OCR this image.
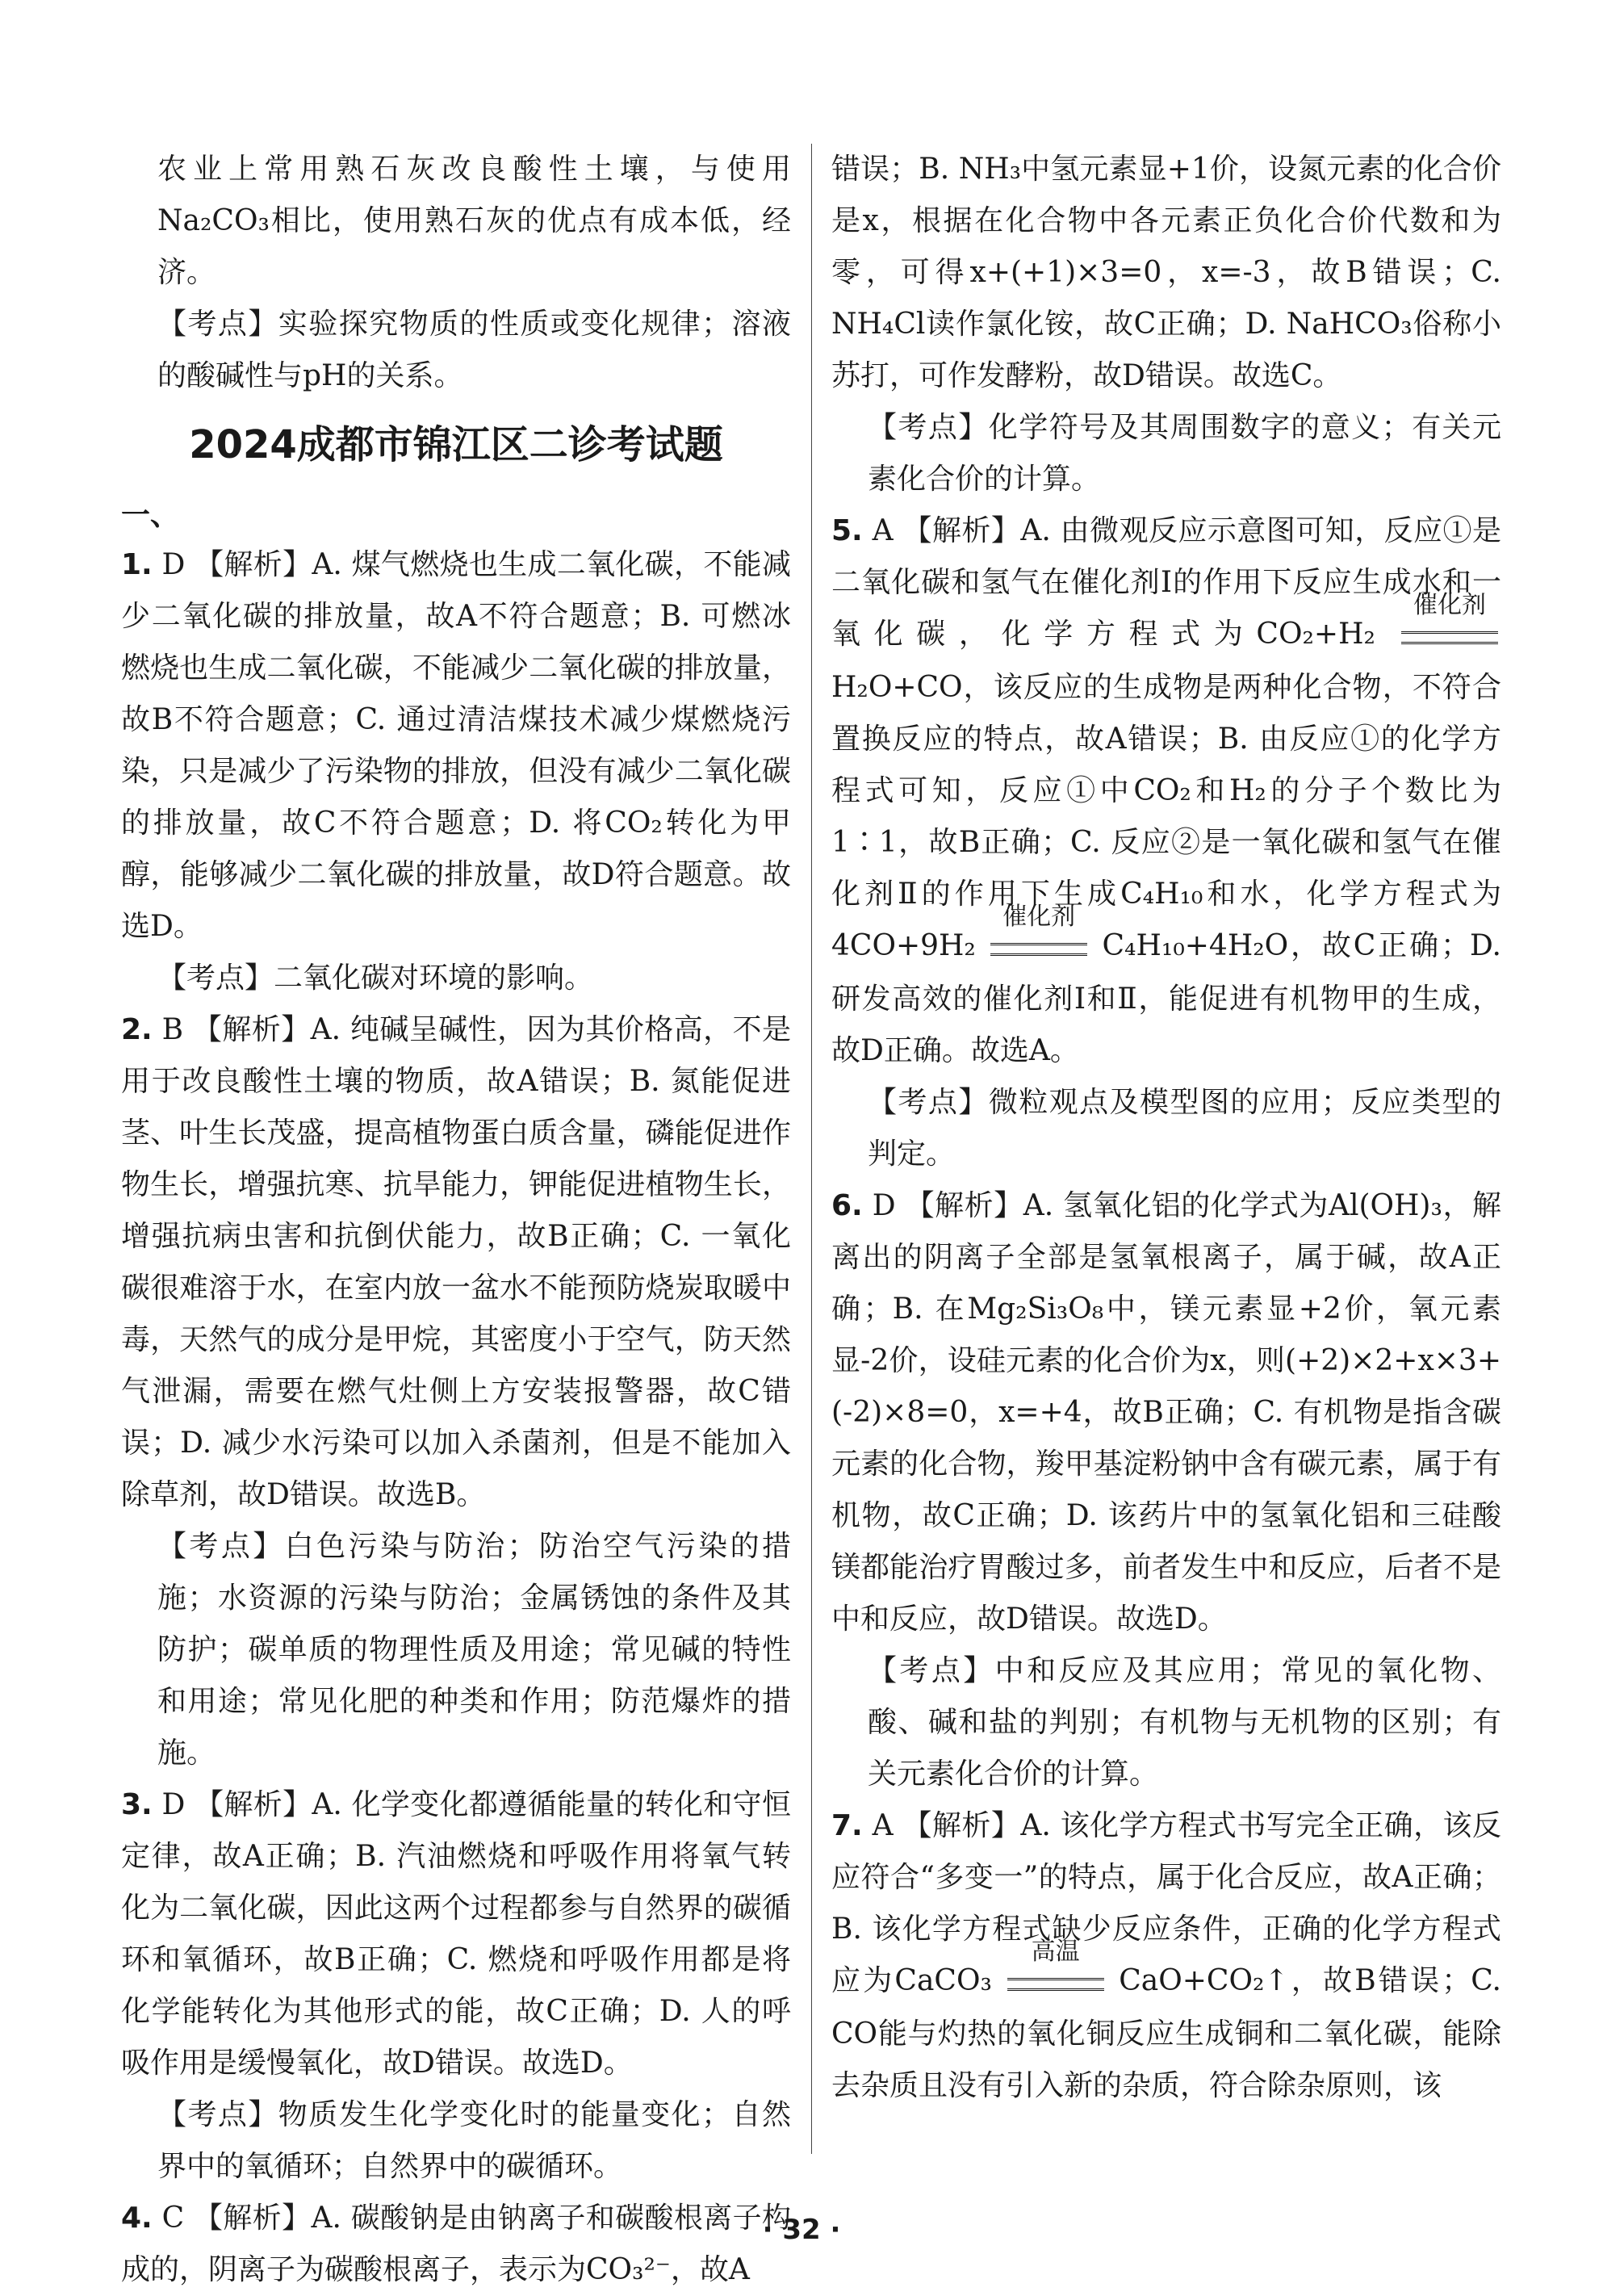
农业上常用熟石灰改良酸性土壤，与使用Na₂CO₃相比，使用熟石灰的优点有成本低，经济。

【考点】实验探究物质的性质或变化规律；溶液的酸碱性与pH的关系。

2024成都市锦江区二诊考试题

一、

1. D 【解析】A. 煤气燃烧也生成二氧化碳，不能减少二氧化碳的排放量，故A不符合题意；B. 可燃冰燃烧也生成二氧化碳，不能减少二氧化碳的排放量，故B不符合题意；C. 通过清洁煤技术减少煤燃烧污染，只是减少了污染物的排放，但没有减少二氧化碳的排放量，故C不符合题意；D. 将CO₂转化为甲醇，能够减少二氧化碳的排放量，故D符合题意。故选D。

【考点】二氧化碳对环境的影响。

2. B 【解析】A. 纯碱呈碱性，因为其价格高，不是用于改良酸性土壤的物质，故A错误；B. 氮能促进茎、叶生长茂盛，提高植物蛋白质含量，磷能促进作物生长，增强抗寒、抗旱能力，钾能促进植物生长，增强抗病虫害和抗倒伏能力，故B正确；C. 一氧化碳很难溶于水，在室内放一盆水不能预防烧炭取暖中毒，天然气的成分是甲烷，其密度小于空气，防天然气泄漏，需要在燃气灶侧上方安装报警器，故C错误；D. 减少水污染可以加入杀菌剂，但是不能加入除草剂，故D错误。故选B。

【考点】白色污染与防治；防治空气污染的措施；水资源的污染与防治；金属锈蚀的条件及其防护；碳单质的物理性质及用途；常见碱的特性和用途；常见化肥的种类和作用；防范爆炸的措施。

3. D 【解析】A. 化学变化都遵循能量的转化和守恒定律，故A正确；B. 汽油燃烧和呼吸作用将氧气转化为二氧化碳，因此这两个过程都参与自然界的碳循环和氧循环，故B正确；C. 燃烧和呼吸作用都是将化学能转化为其他形式的能，故C正确；D. 人的呼吸作用是缓慢氧化，故D错误。故选D。

【考点】物质发生化学变化时的能量变化；自然界中的氧循环；自然界中的碳循环。

4. C 【解析】A. 碳酸钠是由钠离子和碳酸根离子构成的，阴离子为碳酸根离子，表示为CO₃²⁻，故A

错误；B. NH₃中氢元素显+1价，设氮元素的化合价是x，根据在化合物中各元素正负化合价代数和为零，可得x+(+1)×3=0，x=-3，故B错误；C. NH₄Cl读作氯化铵，故C正确；D. NaHCO₃俗称小苏打，可作发酵粉，故D错误。故选C。

【考点】化学符号及其周围数字的意义；有关元素化合价的计算。

5. A 【解析】A. 由微观反应示意图可知，反应①是二氧化碳和氢气在催化剂Ⅰ的作用下反应生成水和一氧化碳，化学方程式为CO₂+H₂
催化剂
H₂O+CO，该反应的生成物是两种化合物，不符合置换反应的特点，故A错误；B. 由反应①的化学方程式可知，反应①中CO₂和H₂的分子个数比为1∶1，故B正确；C. 反应②是一氧化碳和氢气在催化剂Ⅱ的作用下生成C₄H₁₀和水，化学方程式为4CO+9H₂
催化剂
C₄H₁₀+4H₂O，故C正确；D. 研发高效的催化剂Ⅰ和Ⅱ，能促进有机物甲的生成，故D正确。故选A。

【考点】微粒观点及模型图的应用；反应类型的判定。

6. D 【解析】A. 氢氧化铝的化学式为Al(OH)₃，解离出的阴离子全部是氢氧根离子，属于碱，故A正确；B. 在Mg₂Si₃O₈中，镁元素显+2价，氧元素显-2价，设硅元素的化合价为x，则(+2)×2+x×3+(-2)×8=0，x=+4，故B正确；C. 有机物是指含碳元素的化合物，羧甲基淀粉钠中含有碳元素，属于有机物，故C正确；D. 该药片中的氢氧化铝和三硅酸镁都能治疗胃酸过多，前者发生中和反应，后者不是中和反应，故D错误。故选D。

【考点】中和反应及其应用；常见的氧化物、酸、碱和盐的判别；有机物与无机物的区别；有关元素化合价的计算。

7. A 【解析】A. 该化学方程式书写完全正确，该反应符合“多变一”的特点，属于化合反应，故A正确；B. 该化学方程式缺少反应条件，正确的化学方程式应为CaCO₃
高温
CaO+CO₂↑，故B错误；C. CO能与灼热的氧化铜反应生成铜和二氧化碳，能除去杂质且没有引入新的杂质，符合除杂原则，该

· 32 ·
